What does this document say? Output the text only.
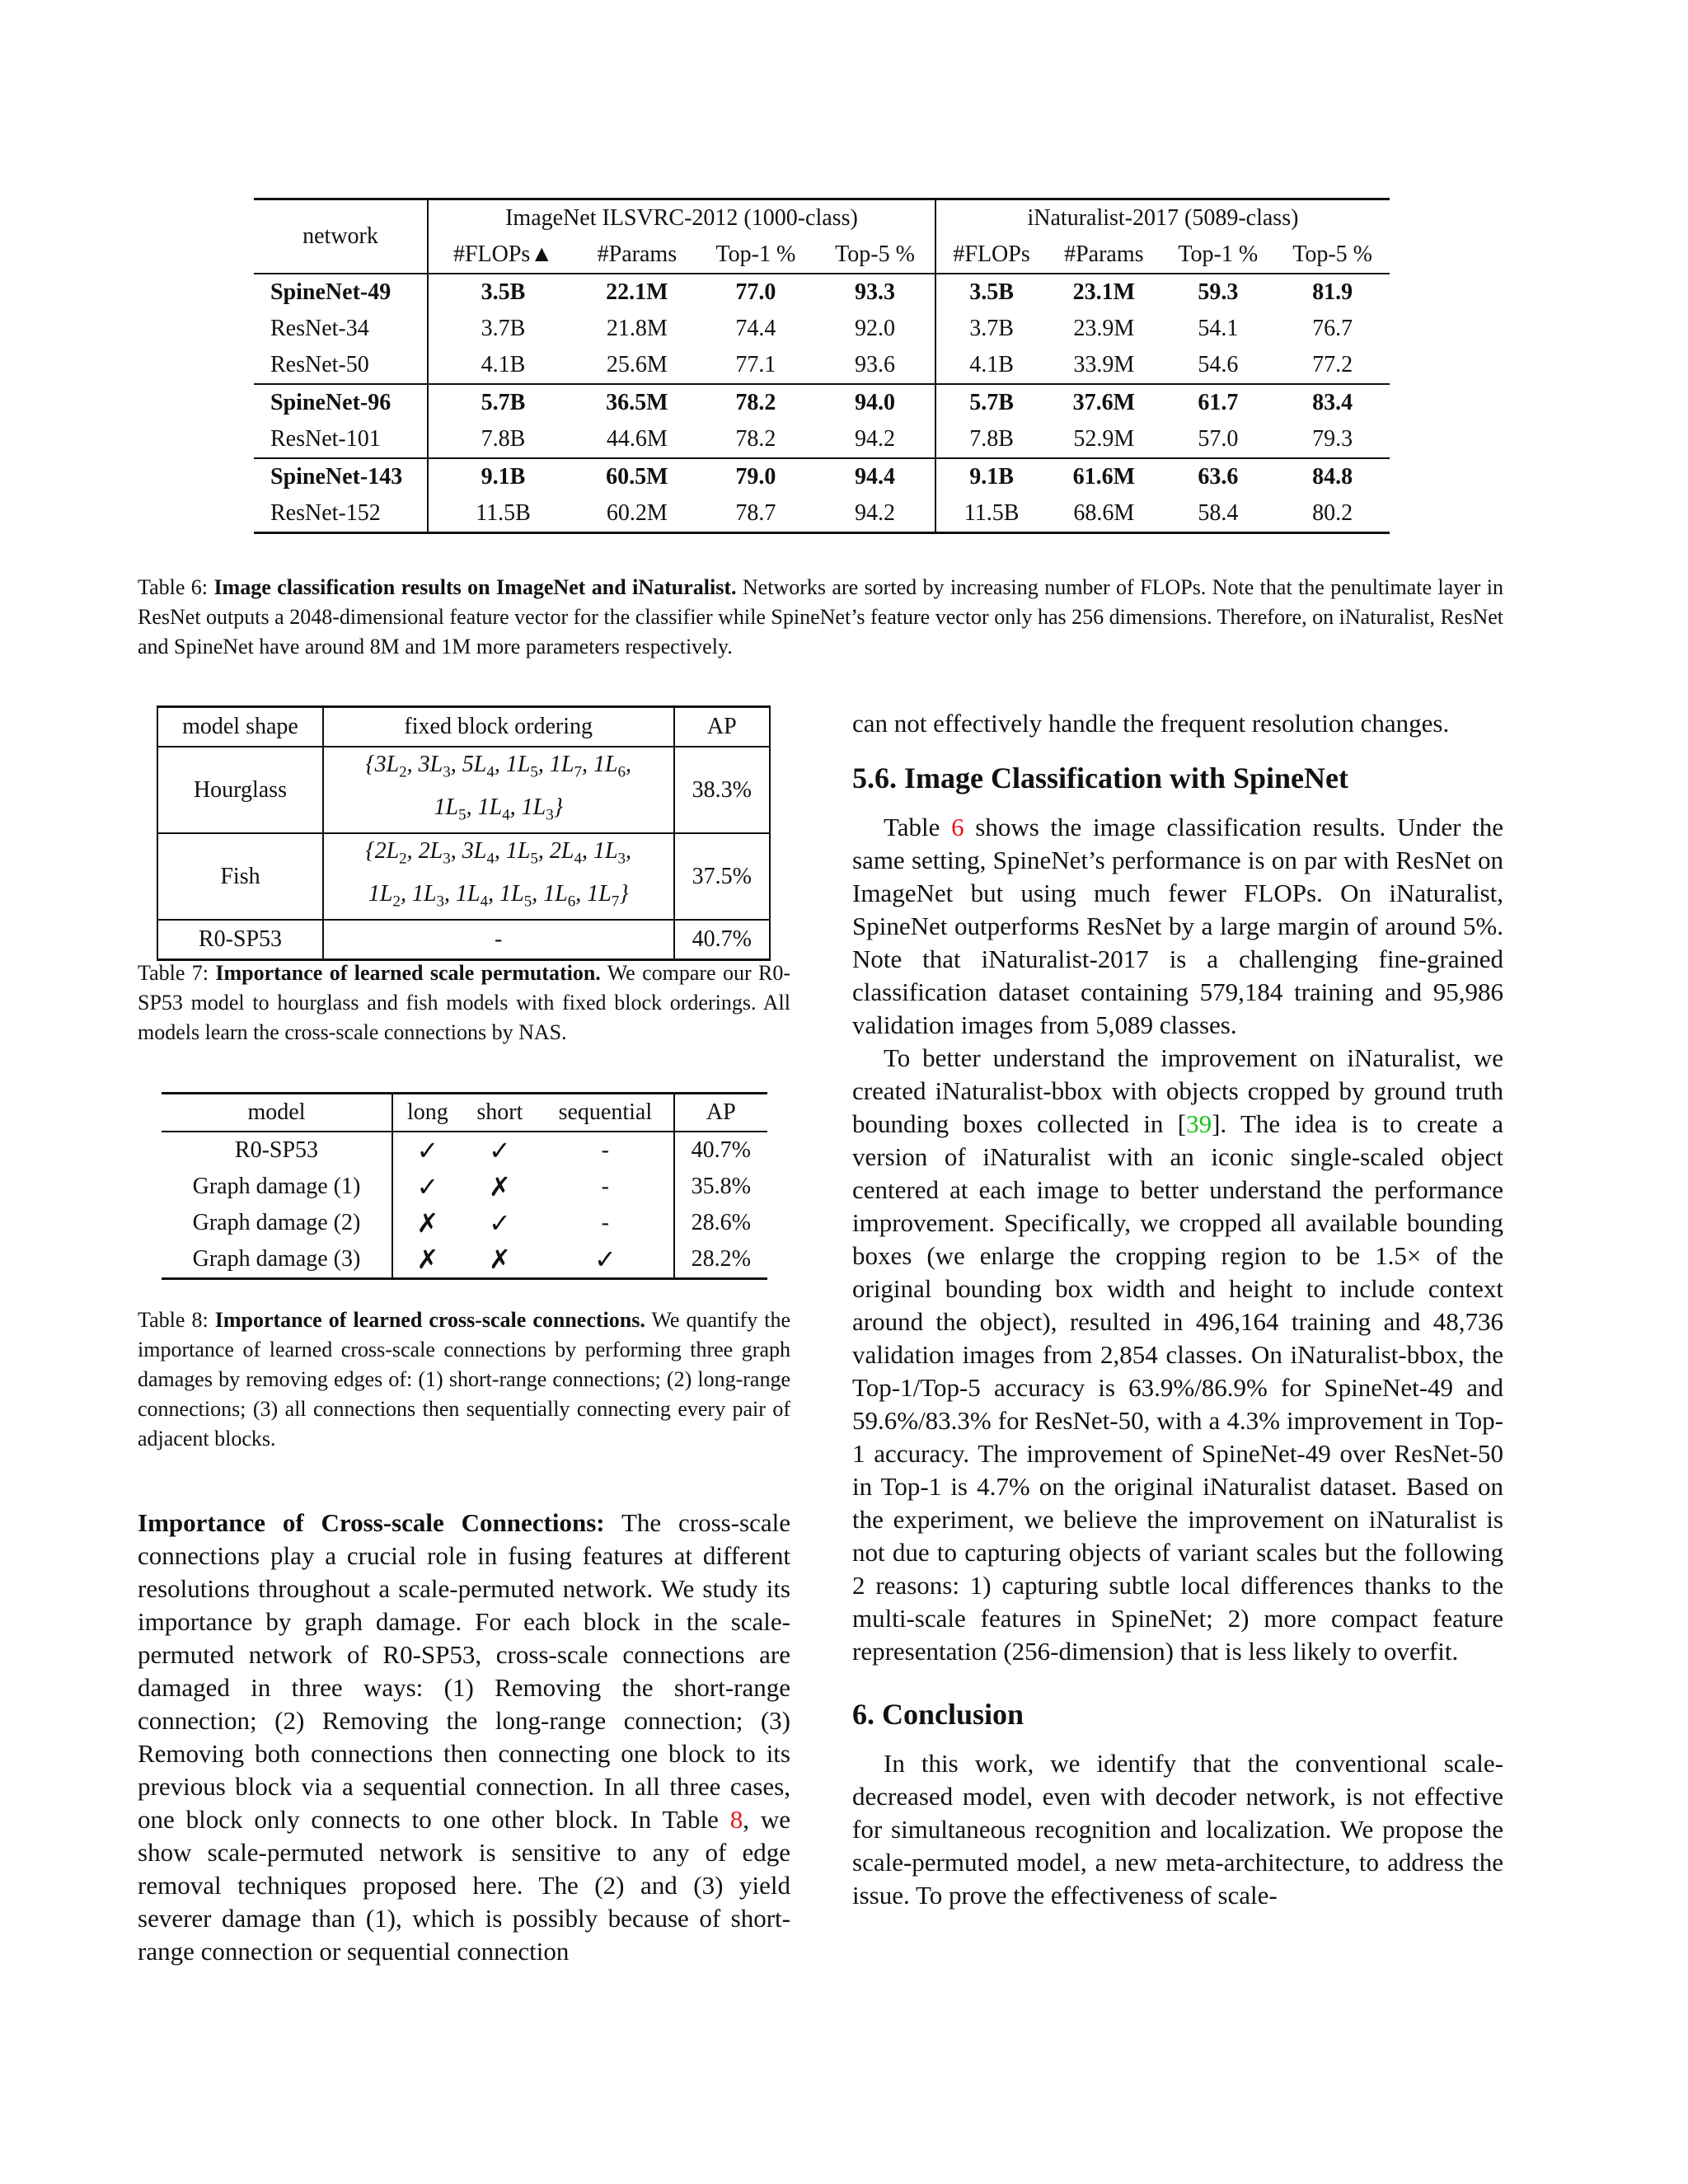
network	ImageNet ILSVRC-2012 (1000-class)				iNaturalist-2017 (5089-class)			
	#FLOPs▲	#Params	Top-1 %	Top-5 %	#FLOPs	#Params	Top-1 %	Top-5 %
SpineNet-49	3.5B	22.1M	77.0	93.3	3.5B	23.1M	59.3	81.9
ResNet-34	3.7B	21.8M	74.4	92.0	3.7B	23.9M	54.1	76.7
ResNet-50	4.1B	25.6M	77.1	93.6	4.1B	33.9M	54.6	77.2
SpineNet-96	5.7B	36.5M	78.2	94.0	5.7B	37.6M	61.7	83.4
ResNet-101	7.8B	44.6M	78.2	94.2	7.8B	52.9M	57.0	79.3
SpineNet-143	9.1B	60.5M	79.0	94.4	9.1B	61.6M	63.6	84.8
ResNet-152	11.5B	60.2M	78.7	94.2	11.5B	68.6M	58.4	80.2
Table 6: Image classification results on ImageNet and iNaturalist. Networks are sorted by increasing number of FLOPs. Note that the penultimate layer in ResNet outputs a 2048-dimensional feature vector for the classifier while SpineNet’s feature vector only has 256 dimensions. Therefore, on iNaturalist, ResNet and SpineNet have around 8M and 1M more parameters respectively.
model shape	fixed block ordering	AP
Hourglass	{$3L_2$, $3L_3$, $5L_4$, $1L_5$, $1L_7$, $1L_6$,
$1L_5$, $1L_4$, $1L_3$}	38.3%
Fish	{$2L_2$, $2L_3$, $3L_4$, $1L_5$, $2L_4$, $1L_3$,
$1L_2$, $1L_3$, $1L_4$, $1L_5$, $1L_6$, $1L_7$}	37.5%
R0-SP53	-	40.7%
Table 7: Importance of learned scale permutation. We compare our R0-SP53 model to hourglass and fish models with fixed block orderings. All models learn the cross-scale connections by NAS.
model	long	short	sequential	AP
R0-SP53	✓	✓	-	40.7%
Graph damage (1)	✓	✗	-	35.8%
Graph damage (2)	✗	✓	-	28.6%
Graph damage (3)	✗	✗	✓	28.2%
Table 8: Importance of learned cross-scale connections. We quantify the importance of learned cross-scale connections by performing three graph damages by removing edges of: (1) short-range connections; (2) long-range connections; (3) all connections then sequentially connecting every pair of adjacent blocks.

Importance of Cross-scale Connections: The cross-scale connections play a crucial role in fusing features at different resolutions throughout a scale-permuted network. We study its importance by graph damage. For each block in the scale-permuted network of R0-SP53, cross-scale connections are damaged in three ways: (1) Removing the short-range connection; (2) Removing the long-range connection; (3) Removing both connections then connecting one block to its previous block via a sequential connection. In all three cases, one block only connects to one other block. In Table 8, we show scale-permuted network is sensitive to any of edge removal techniques proposed here. The (2) and (3) yield severer damage than (1), which is possibly because of short-range connection or sequential connection

can not effectively handle the frequent resolution changes.

5.6. Image Classification with SpineNet

Table 6 shows the image classification results. Under the same setting, SpineNet’s performance is on par with ResNet on ImageNet but using much fewer FLOPs. On iNaturalist, SpineNet outperforms ResNet by a large margin of around 5%. Note that iNaturalist-2017 is a challenging fine-grained classification dataset containing 579,184 training and 95,986 validation images from 5,089 classes.

To better understand the improvement on iNaturalist, we created iNaturalist-bbox with objects cropped by ground truth bounding boxes collected in [39]. The idea is to create a version of iNaturalist with an iconic single-scaled object centered at each image to better understand the performance improvement. Specifically, we cropped all available bounding boxes (we enlarge the cropping region to be 1.5× of the original bounding box width and height to include context around the object), resulted in 496,164 training and 48,736 validation images from 2,854 classes. On iNaturalist-bbox, the Top-1/Top-5 accuracy is 63.9%/86.9% for SpineNet-49 and 59.6%/83.3% for ResNet-50, with a 4.3% improvement in Top-1 accuracy. The improvement of SpineNet-49 over ResNet-50 in Top-1 is 4.7% on the original iNaturalist dataset. Based on the experiment, we believe the improvement on iNaturalist is not due to capturing objects of variant scales but the following 2 reasons: 1) capturing subtle local differences thanks to the multi-scale features in SpineNet; 2) more compact feature representation (256-dimension) that is less likely to overfit.

6. Conclusion

In this work, we identify that the conventional scale-decreased model, even with decoder network, is not effective for simultaneous recognition and localization. We propose the scale-permuted model, a new meta-architecture, to address the issue. To prove the effectiveness of scale-
